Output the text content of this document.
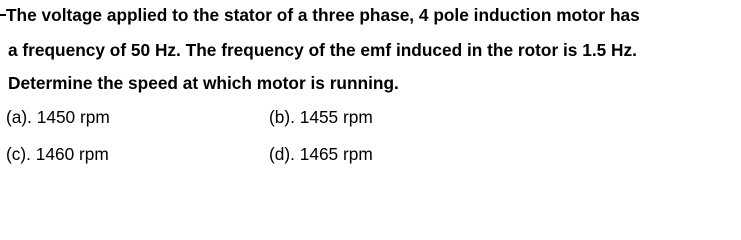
The voltage applied to the stator of a three phase, 4 pole induction motor has
a frequency of 50 Hz. The frequency of the emf induced in the rotor is 1.5 Hz.
Determine the speed at which motor is running.
(a). 1450 rpm	(b). 1455 rpm
(c). 1460 rpm	(d). 1465 rpm
